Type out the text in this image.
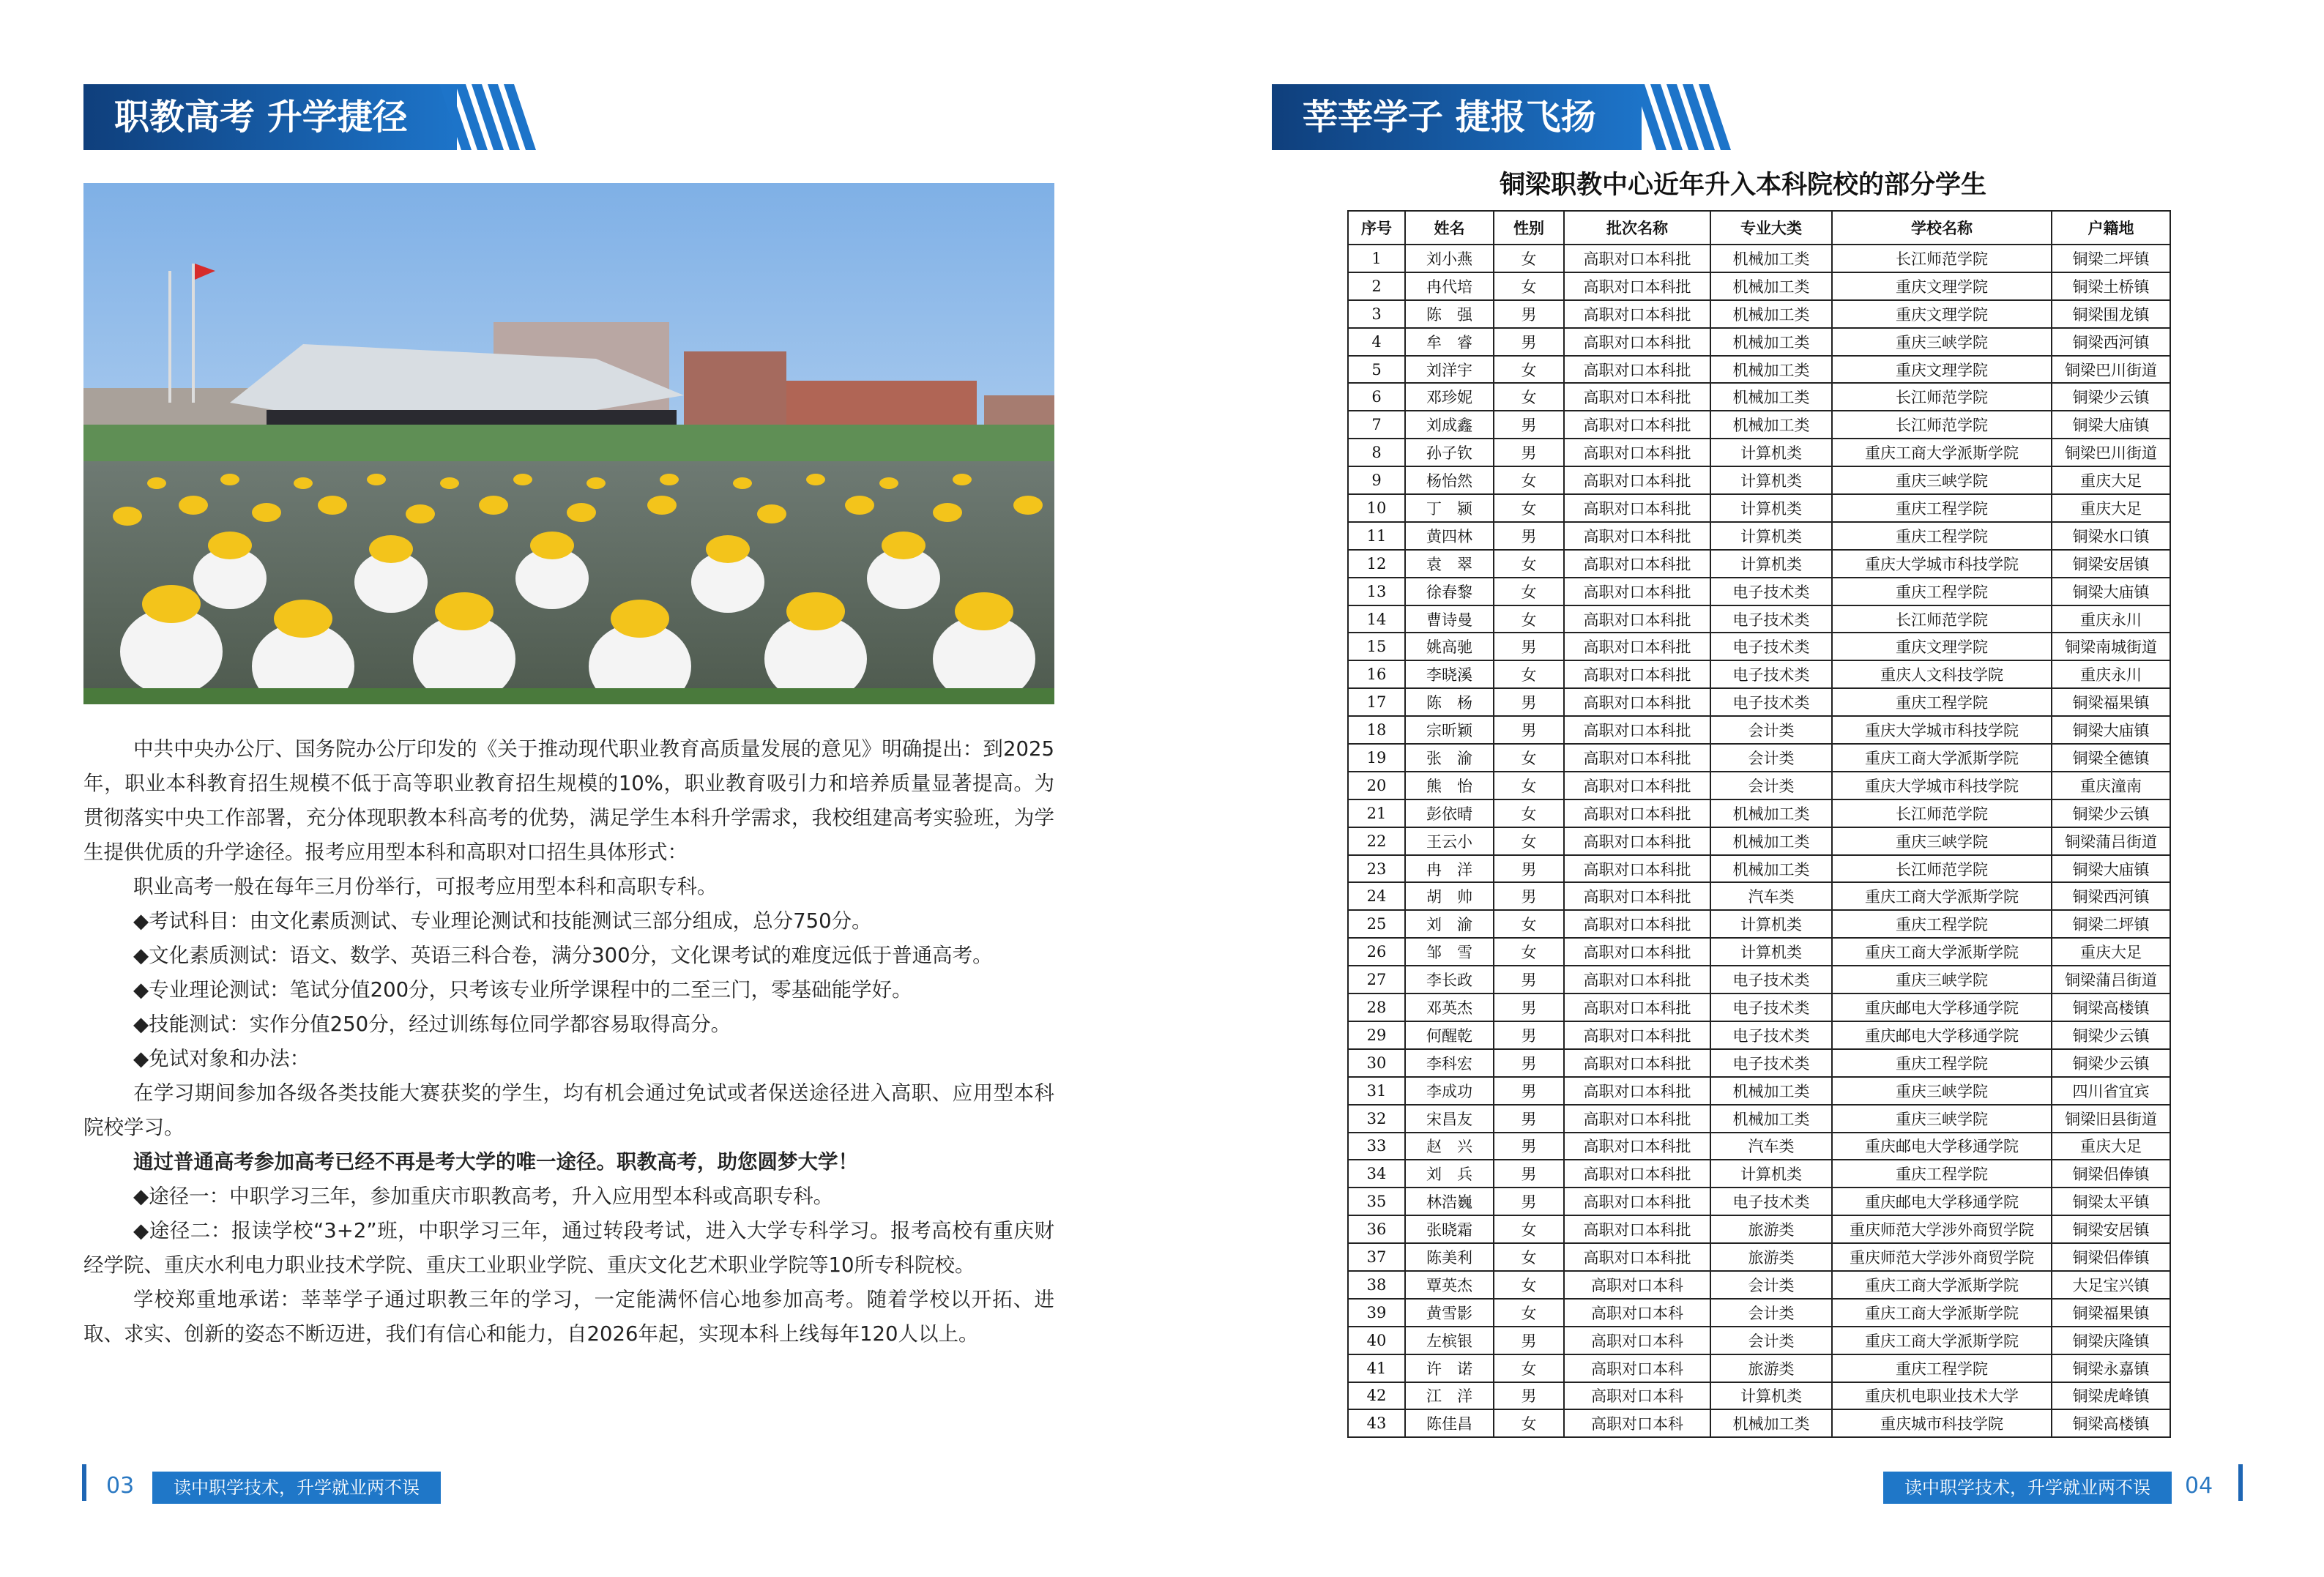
职教高考 升学捷径

中共中央办公厅、国务院办公厅印发的《关于推动现代职业教育高质量发展的意见》明确提出：到2025年，职业本科教育招生规模不低于高等职业教育招生规模的10%，职业教育吸引力和培养质量显著提高。为贯彻落实中央工作部署，充分体现职教本科高考的优势，满足学生本科升学需求，我校组建高考实验班，为学生提供优质的升学途径。报考应用型本科和高职对口招生具体形式：

职业高考一般在每年三月份举行，可报考应用型本科和高职专科。

◆考试科目：由文化素质测试、专业理论测试和技能测试三部分组成，总分750分。

◆文化素质测试：语文、数学、英语三科合卷，满分300分，文化课考试的难度远低于普通高考。

◆专业理论测试：笔试分值200分，只考该专业所学课程中的二至三门，零基础能学好。

◆技能测试：实作分值250分，经过训练每位同学都容易取得高分。

◆免试对象和办法：

在学习期间参加各级各类技能大赛获奖的学生，均有机会通过免试或者保送途径进入高职、应用型本科院校学习。

通过普通高考参加高考已经不再是考大学的唯一途径。职教高考，助您圆梦大学！

◆途径一：中职学习三年，参加重庆市职教高考，升入应用型本科或高职专科。

◆途径二：报读学校“3+2”班，中职学习三年，通过转段考试，进入大学专科学习。报考高校有重庆财经学院、重庆水利电力职业技术学院、重庆工业职业学院、重庆文化艺术职业学院等10所专科院校。

学校郑重地承诺：莘莘学子通过职教三年的学习，一定能满怀信心地参加高考。随着学校以开拓、进取、求实、创新的姿态不断迈进，我们有信心和能力，自2026年起，实现本科上线每年120人以上。

03	读中职学技术，升学就业两不误
莘莘学子 捷报飞扬
铜梁职教中心近年升入本科院校的部分学生
序号	姓名	性别	批次名称	专业大类	学校名称	户籍地
1	刘小燕	女	高职对口本科批	机械加工类	长江师范学院	铜梁二坪镇
2	冉代培	女	高职对口本科批	机械加工类	重庆文理学院	铜梁土桥镇
3	陈　强	男	高职对口本科批	机械加工类	重庆文理学院	铜梁围龙镇
4	牟　睿	男	高职对口本科批	机械加工类	重庆三峡学院	铜梁西河镇
5	刘洋宇	女	高职对口本科批	机械加工类	重庆文理学院	铜梁巴川街道
6	邓珍妮	女	高职对口本科批	机械加工类	长江师范学院	铜梁少云镇
7	刘成鑫	男	高职对口本科批	机械加工类	长江师范学院	铜梁大庙镇
8	孙子钦	男	高职对口本科批	计算机类	重庆工商大学派斯学院	铜梁巴川街道
9	杨怡然	女	高职对口本科批	计算机类	重庆三峡学院	重庆大足
10	丁　颍	女	高职对口本科批	计算机类	重庆工程学院	重庆大足
11	黄四林	男	高职对口本科批	计算机类	重庆工程学院	铜梁水口镇
12	袁　翠	女	高职对口本科批	计算机类	重庆大学城市科技学院	铜梁安居镇
13	徐春黎	女	高职对口本科批	电子技术类	重庆工程学院	铜梁大庙镇
14	曹诗曼	女	高职对口本科批	电子技术类	长江师范学院	重庆永川
15	姚高驰	男	高职对口本科批	电子技术类	重庆文理学院	铜梁南城街道
16	李晓溪	女	高职对口本科批	电子技术类	重庆人文科技学院	重庆永川
17	陈　杨	男	高职对口本科批	电子技术类	重庆工程学院	铜梁福果镇
18	宗昕颖	男	高职对口本科批	会计类	重庆大学城市科技学院	铜梁大庙镇
19	张　渝	女	高职对口本科批	会计类	重庆工商大学派斯学院	铜梁全德镇
20	熊　怡	女	高职对口本科批	会计类	重庆大学城市科技学院	重庆潼南
21	彭依晴	女	高职对口本科批	机械加工类	长江师范学院	铜梁少云镇
22	王云小	女	高职对口本科批	机械加工类	重庆三峡学院	铜梁蒲吕街道
23	冉　洋	男	高职对口本科批	机械加工类	长江师范学院	铜梁大庙镇
24	胡　帅	男	高职对口本科批	汽车类	重庆工商大学派斯学院	铜梁西河镇
25	刘　渝	女	高职对口本科批	计算机类	重庆工程学院	铜梁二坪镇
26	邹　雪	女	高职对口本科批	计算机类	重庆工商大学派斯学院	重庆大足
27	李长政	男	高职对口本科批	电子技术类	重庆三峡学院	铜梁蒲吕街道
28	邓英杰	男	高职对口本科批	电子技术类	重庆邮电大学移通学院	铜梁高楼镇
29	何醒乾	男	高职对口本科批	电子技术类	重庆邮电大学移通学院	铜梁少云镇
30	李科宏	男	高职对口本科批	电子技术类	重庆工程学院	铜梁少云镇
31	李成功	男	高职对口本科批	机械加工类	重庆三峡学院	四川省宜宾
32	宋昌友	男	高职对口本科批	机械加工类	重庆三峡学院	铜梁旧县街道
33	赵　兴	男	高职对口本科批	汽车类	重庆邮电大学移通学院	重庆大足
34	刘　兵	男	高职对口本科批	计算机类	重庆工程学院	铜梁侣俸镇
35	林浩巍	男	高职对口本科批	电子技术类	重庆邮电大学移通学院	铜梁太平镇
36	张晓霜	女	高职对口本科批	旅游类	重庆师范大学涉外商贸学院	铜梁安居镇
37	陈美利	女	高职对口本科批	旅游类	重庆师范大学涉外商贸学院	铜梁侣俸镇
38	覃英杰	女	高职对口本科	会计类	重庆工商大学派斯学院	大足宝兴镇
39	黄雪影	女	高职对口本科	会计类	重庆工商大学派斯学院	铜梁福果镇
40	左槟银	男	高职对口本科	会计类	重庆工商大学派斯学院	铜梁庆隆镇
41	许　诺	女	高职对口本科	旅游类	重庆工程学院	铜梁永嘉镇
42	江　洋	男	高职对口本科	计算机类	重庆机电职业技术大学	铜梁虎峰镇
43	陈佳昌	女	高职对口本科	机械加工类	重庆城市科技学院	铜梁高楼镇
读中职学技术，升学就业两不误	04
